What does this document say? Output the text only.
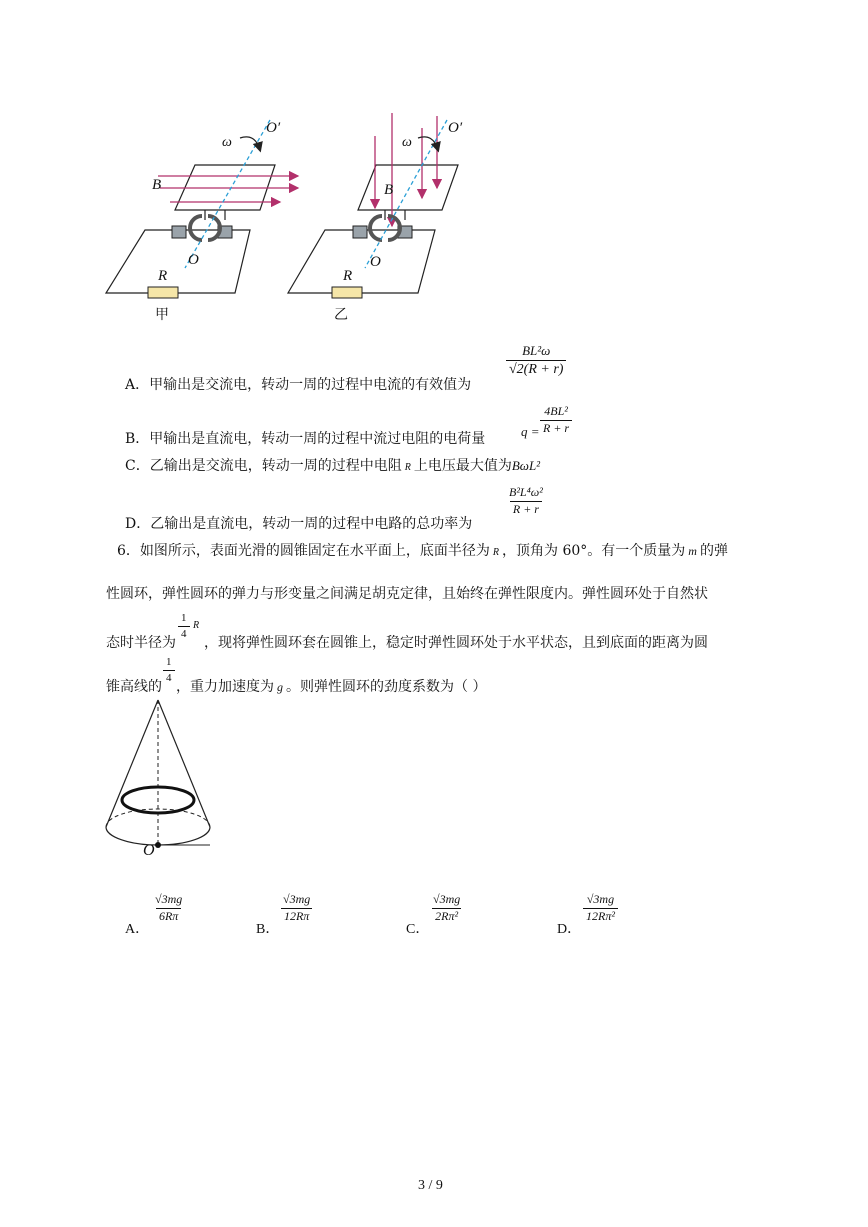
ω
O′
B
O
R
甲
ω
O′
B
O
R
乙
A．甲输出是交流电，转动一周的过程中电流的有效值为
$\frac{\text{BL²ω}}{√2(R + r)}$
B．甲输出是直流电，转动一周的过程中流过电阻的电荷量	$q = \frac{\text{4BL²}}{R + r}$
C．乙输出是交流电，转动一周的过程中电阻 R 上电压最大值为BωL²
D．乙输出是直流电，转动一周的过程中电路的总功率为
$\frac{\text{B²L⁴ω²}}{R + r}$
6．如图所示，表面光滑的圆锥固定在水平面上，底面半径为 R ，顶角为 60°。有一个质量为 m 的弹
性圆环，弹性圆环的弹力与形变量之间满足胡克定律，且始终在弹性限度内。弹性圆环处于自然状
态时半径为
$\frac{1}{4}$ R
，现将弹性圆环套在圆锥上，稳定时弹性圆环处于水平状态，且到底面的距离为圆
锥高线的
$\frac{1}{4}$
，重力加速度为 g 。则弹性圆环的劲度系数为（ ）
O
A．
$\frac{√3mg}{6R\pi}$
B．
$\frac{√3mg}{12R\pi}$
C．
$\frac{√3mg}{\text{2Rπ²}}$
D．
$\frac{√3mg}{\text{12Rπ²}}$
3 / 9
